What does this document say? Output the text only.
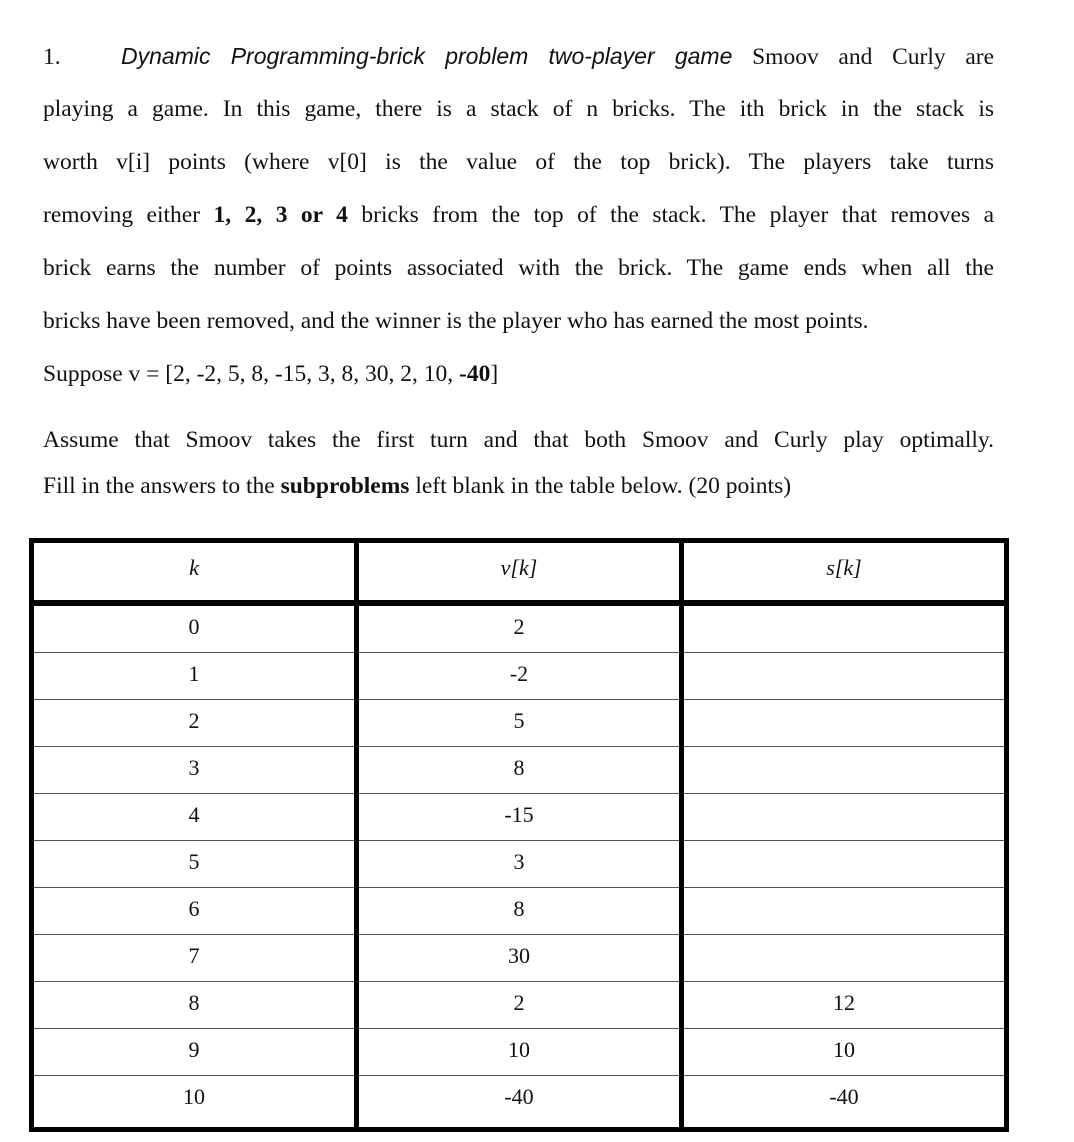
1.	Dynamic Programming-brick problem two-player game Smoov and Curly are
playing a game. In this game, there is a stack of n bricks. The ith brick in the stack is
worth v[i] points (where v[0] is the value of the top brick). The players take turns
removing either 1, 2, 3 or 4 bricks from the top of the stack. The player that removes a
brick earns the number of points associated with the brick. The game ends when all the
bricks have been removed, and the winner is the player who has earned the most points.
Suppose v = [2, -2, 5, 8, -15, 3, 8, 30, 2, 10, -40]
Assume that Smoov takes the first turn and that both Smoov and Curly play optimally.
Fill in the answers to the subproblems left blank in the table below. (20 points)
k	v[k]	s[k]
0	2	
1	-2	
2	5	
3	8	
4	-15	
5	3	
6	8	
7	30	
8	2	12
9	10	10
10	-40	-40
